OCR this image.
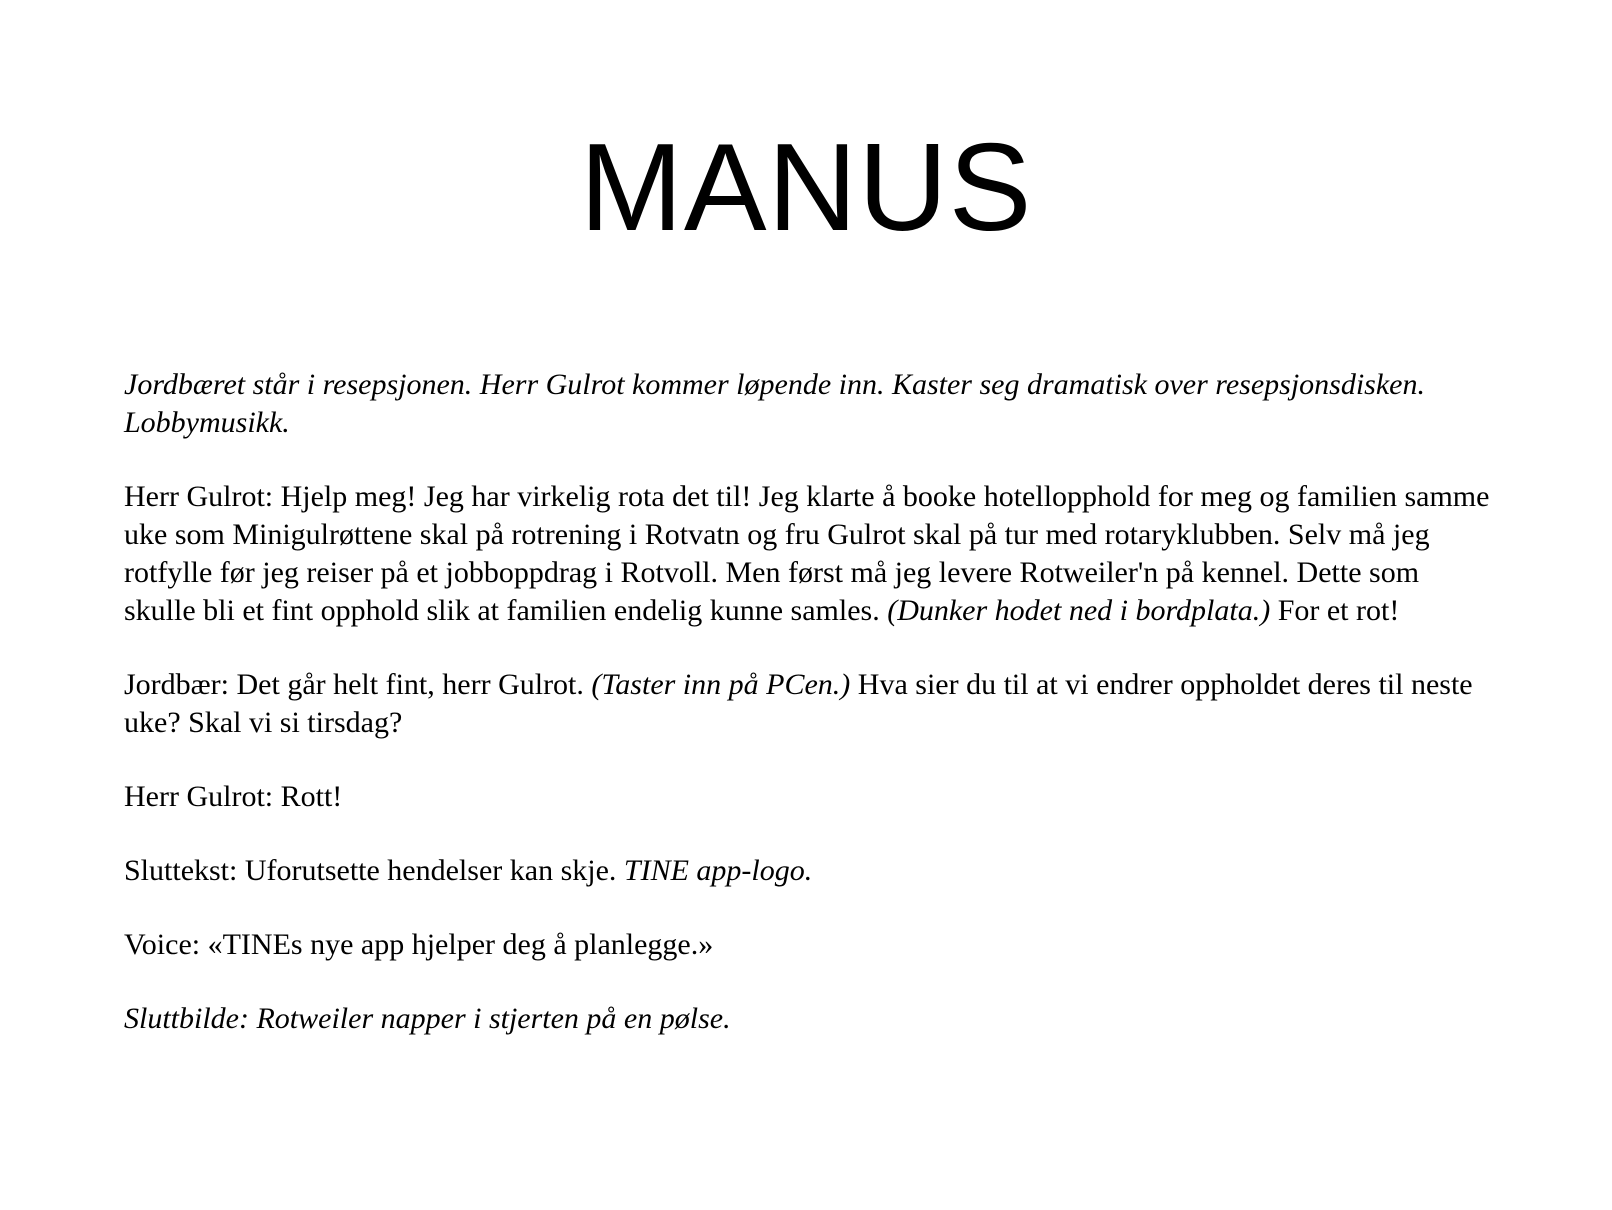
MANUS

Jordbæret står i resepsjonen. Herr Gulrot kommer løpende inn. Kaster seg dramatisk over resepsjonsdisken. Lobbymusikk.

Herr Gulrot: Hjelp meg! Jeg har virkelig rota det til! Jeg klarte å booke hotellopphold for meg og familien samme uke som Minigulrøttene skal på rotrening i Rotvatn og fru Gulrot skal på tur med rotaryklubben. Selv må jeg rotfylle før jeg reiser på et jobboppdrag i Rotvoll. Men først må jeg levere Rotweiler'n på kennel. Dette som skulle bli et fint opphold slik at familien endelig kunne samles. (Dunker hodet ned i bordplata.) For et rot!

Jordbær: Det går helt fint, herr Gulrot. (Taster inn på PCen.) Hva sier du til at vi endrer oppholdet deres til neste uke? Skal vi si tirsdag?

Herr Gulrot: Rott!

Sluttekst: Uforutsette hendelser kan skje. TINE app-logo.

Voice: «TINEs nye app hjelper deg å planlegge.»

Sluttbilde: Rotweiler napper i stjerten på en pølse.
